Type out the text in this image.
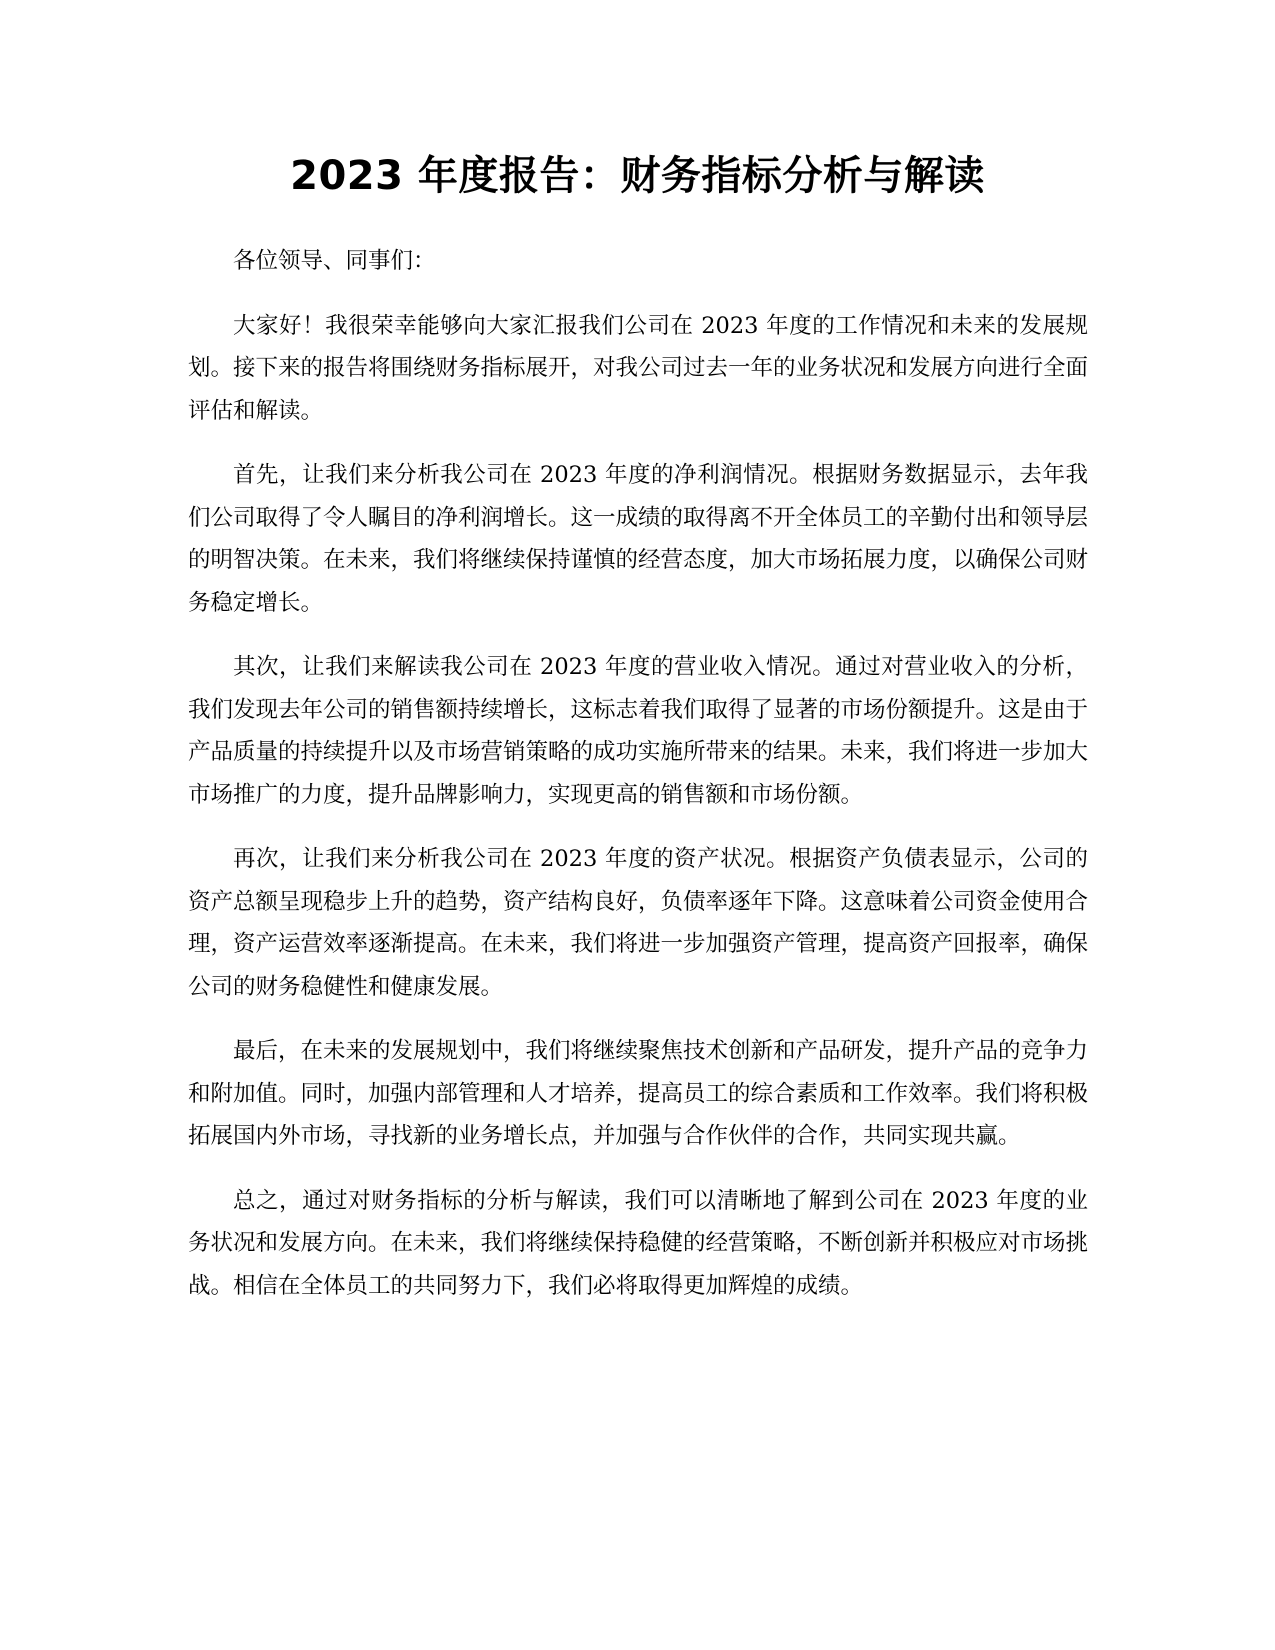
2023 年度报告：财务指标分析与解读

各位领导、同事们：

大家好！我很荣幸能够向大家汇报我们公司在 2023 年度的工作情况和未来的发展规划。接下来的报告将围绕财务指标展开，对我公司过去一年的业务状况和发展方向进行全面评估和解读。

首先，让我们来分析我公司在 2023 年度的净利润情况。根据财务数据显示，去年我们公司取得了令人瞩目的净利润增长。这一成绩的取得离不开全体员工的辛勤付出和领导层的明智决策。在未来，我们将继续保持谨慎的经营态度，加大市场拓展力度，以确保公司财务稳定增长。

其次，让我们来解读我公司在 2023 年度的营业收入情况。通过对营业收入的分析，我们发现去年公司的销售额持续增长，这标志着我们取得了显著的市场份额提升。这是由于产品质量的持续提升以及市场营销策略的成功实施所带来的结果。未来，我们将进一步加大市场推广的力度，提升品牌影响力，实现更高的销售额和市场份额。

再次，让我们来分析我公司在 2023 年度的资产状况。根据资产负债表显示，公司的资产总额呈现稳步上升的趋势，资产结构良好，负债率逐年下降。这意味着公司资金使用合理，资产运营效率逐渐提高。在未来，我们将进一步加强资产管理，提高资产回报率，确保公司的财务稳健性和健康发展。

最后，在未来的发展规划中，我们将继续聚焦技术创新和产品研发，提升产品的竞争力和附加值。同时，加强内部管理和人才培养，提高员工的综合素质和工作效率。我们将积极拓展国内外市场，寻找新的业务增长点，并加强与合作伙伴的合作，共同实现共赢。

总之，通过对财务指标的分析与解读，我们可以清晰地了解到公司在 2023 年度的业务状况和发展方向。在未来，我们将继续保持稳健的经营策略，不断创新并积极应对市场挑战。相信在全体员工的共同努力下，我们必将取得更加辉煌的成绩。
